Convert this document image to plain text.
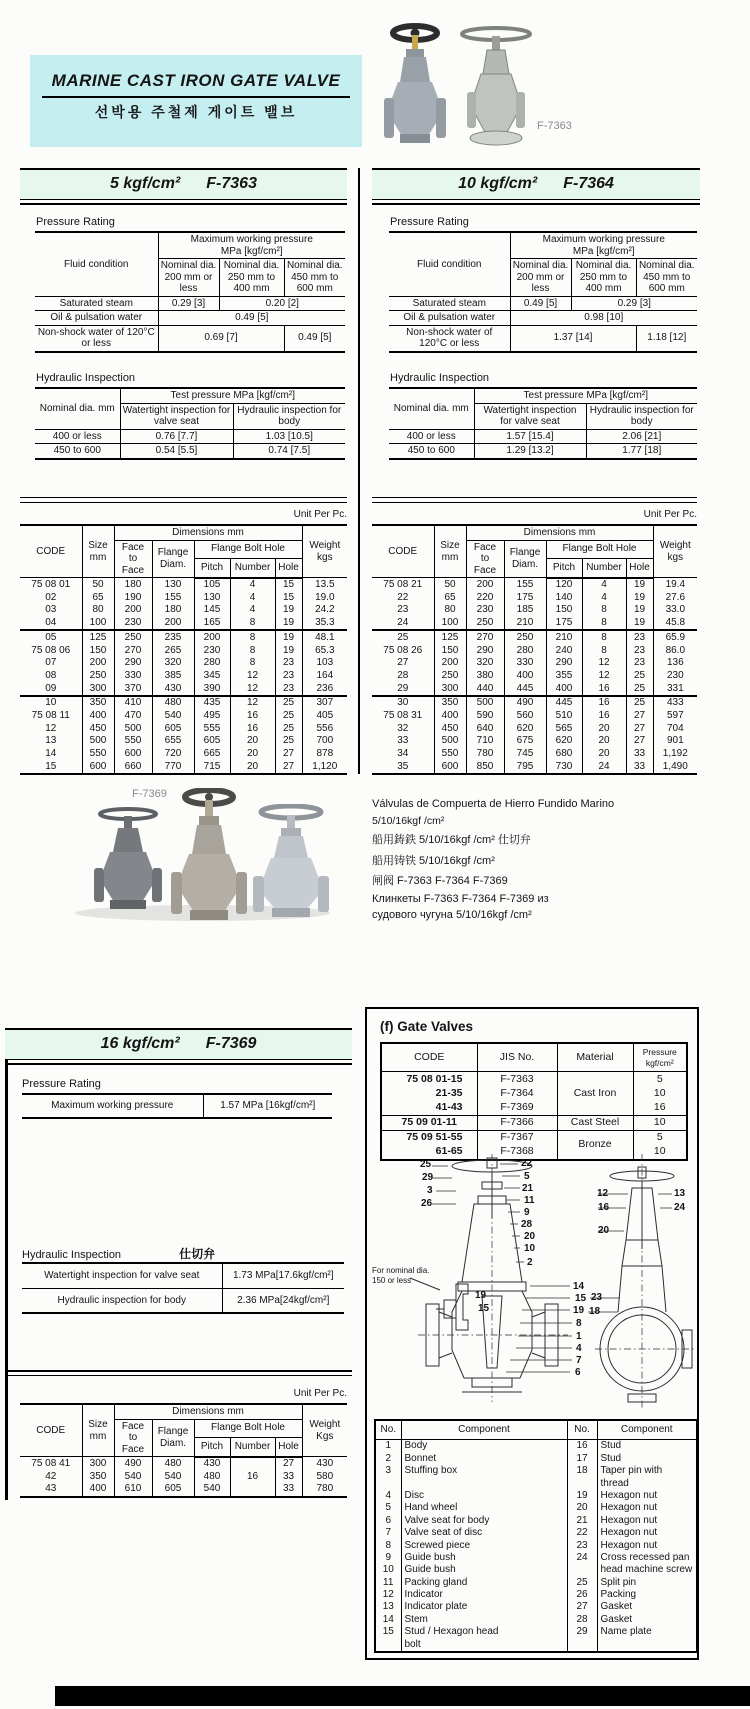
MARINE CAST IRON GATE VALVE
선박용 주철제 게이트 밸브
F-7363
5 kgf/cm² F-7363
Pressure Rating
Fluid condition	Maximum working pressure
MPa [kgf/cm²]		

	Nominal dia. 200 mm or less	Nominal dia. 250 mm to 400 mm	Nominal dia. 450 mm to 600 mm
Saturated steam	0.29 [3]	0.20 [2]	
Oil & pulsation water	0.49 [5]		
Non-shock water of 120°C or less	0.69 [7]		0.49 [5]
Hydraulic Inspection
Nominal dia. mm	Test pressure MPa [kgf/cm²]	
	Watertight inspection for valve seat	Hydraulic inspection for body
400 or less	0.76 [7.7]	1.03 [10.5]
450 to 600	0.54 [5.5]	0.74 [7.5]
Unit Per Pc.
CODE	Size mm	Dimensions mm					Weight kgs
		Face to Face	Flange Diam.	Flange Bolt Hole			
				Pitch	Number	Hole	
75 08 01	50	180	130	105	4	15	13.5
02	65	190	155	130	4	15	19.0
03	80	200	180	145	4	19	24.2
04	100	230	200	165	8	19	35.3
05	125	250	235	200	8	19	48.1
75 08 06	150	270	265	230	8	19	65.3
07	200	290	320	280	8	23	103
08	250	330	385	345	12	23	164
09	300	370	430	390	12	23	236
10	350	410	480	435	12	25	307
75 08 11	400	470	540	495	16	25	405
12	450	500	605	555	16	25	556
13	500	550	655	605	20	25	700
14	550	600	720	665	20	27	878
15	600	660	770	715	20	27	1,120
10 kgf/cm² F-7364
Pressure Rating
Fluid condition	Maximum working pressure
MPa [kgf/cm²]		

	Nominal dia. 200 mm or less	Nominal dia. 250 mm to 400 mm	Nominal dia. 450 mm to 600 mm
Saturated steam	0.49 [5]	0.29 [3]	
Oil & pulsation water	0.98 [10]		
Non-shock water of 120°C or less	1.37 [14]		1.18 [12]
Hydraulic Inspection
Nominal dia. mm	Test pressure MPa [kgf/cm²]	
	Watertight inspection for valve seat	Hydraulic inspection for body
400 or less	1.57 [15.4]	2.06 [21]
450 to 600	1.29 [13.2]	1.77 [18]
Unit Per Pc.
CODE	Size mm	Dimensions mm					Weight kgs
		Face to Face	Flange Diam.	Flange Bolt Hole			
				Pitch	Number	Hole	
75 08 21	50	200	155	120	4	19	19.4
22	65	220	175	140	4	19	27.6
23	80	230	185	150	8	19	33.0
24	100	250	210	175	8	19	45.8
25	125	270	250	210	8	23	65.9
75 08 26	150	290	280	240	8	23	86.0
27	200	320	330	290	12	23	136
28	250	380	400	355	12	25	230
29	300	440	445	400	16	25	331
30	350	500	490	445	16	25	433
75 08 31	400	590	560	510	16	27	597
32	450	640	620	565	20	27	704
33	500	710	675	620	20	27	901
34	550	780	745	680	20	33	1,192
35	600	850	795	730	24	33	1,490
F-7369
Válvulas de Compuerta de Hierro Fundido Marino
5/10/16kgf /cm²
船用鋳鉄 5/10/16kgf /cm² 仕切弁
船用铸铁 5/10/16kgf /cm²
闸阀 F-7363 F-7364 F-7369
Клинкеты F-7363 F-7364 F-7369 из
судового чугуна 5/10/16kgf /cm²
16 kgf/cm² F-7369
Pressure Rating
Maximum working pressure	1.57 MPa [16kgf/cm²]
Hydraulic Inspection	仕切弁
Watertight inspection for valve seat	1.73 MPa[17.6kgf/cm²]
Hydraulic inspection for body	2.36 MPa[24kgf/cm²]
Unit Per Pc.
CODE	Size mm	Dimensions mm					Weight Kgs
		Face to Face	Flange Diam.	Flange Bolt Hole			
				Pitch	Number	Hole	
75 08 41	300	490	480	430	16	27	430
42	350	540	540	480		33	580
43	400	610	605	540		33	780
(f) Gate Valves
CODE	JIS No.	Material	Pressure kgf/cm²
75 08 01-15	F-7363	Cast Iron	5
21-35	F-7364		10
41-43	F-7369		16
75 09 01-11	F-7366	Cast Steel	10
75 09 51-55	F-7367	Bronze	5
61-65	F-7368		10
25
29
3
26
22
5
21
11
9
28
20
10
2
14
15
19
8
1
4
7
6
For nominal dia. 150 or less
19
15
12
16
20
13
24
23
18
No.	Component	No.	Component
1	Body	16	Stud
2	Bonnet	17	Stud
3	Stuffing box	18	Taper pin with thread
4	Disc	19	Hexagon nut
5	Hand wheel	20	Hexagon nut
6	Valve seat for body	21	Hexagon nut
7	Valve seat of disc	22	Hexagon nut
8	Screwed piece	23	Hexagon nut
9	Guide bush	24	Cross recessed pan
10	Guide bush		head machine screw
11	Packing gland	25	Split pin
12	Indicator	26	Packing
13	Indicator plate	27	Gasket
14	Stem	28	Gasket
15	Stud / Hexagon head	29	Name plate
	bolt		
